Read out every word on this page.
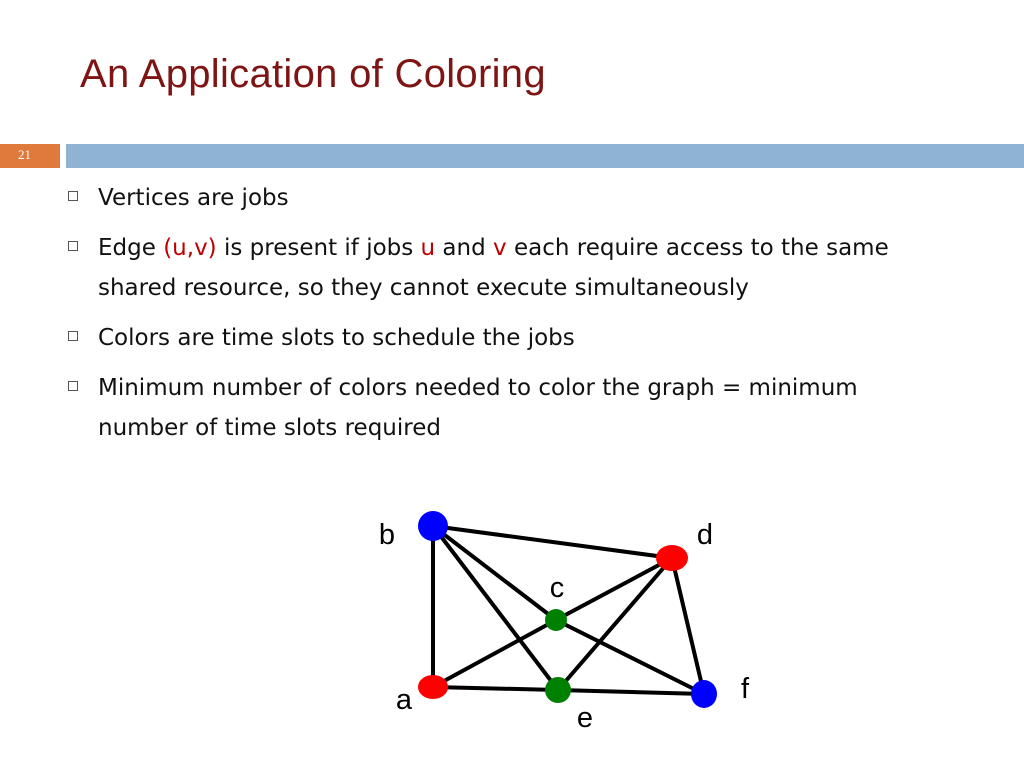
An Application of Coloring
21
Vertices are jobs
Edge (u,v) is present if jobs u and v each require access to the same shared resource, so they cannot execute simultaneously
Colors are time slots to schedule the jobs
Minimum number of colors needed to color the graph = minimum number of time slots required
a
b
c
d
e
f
